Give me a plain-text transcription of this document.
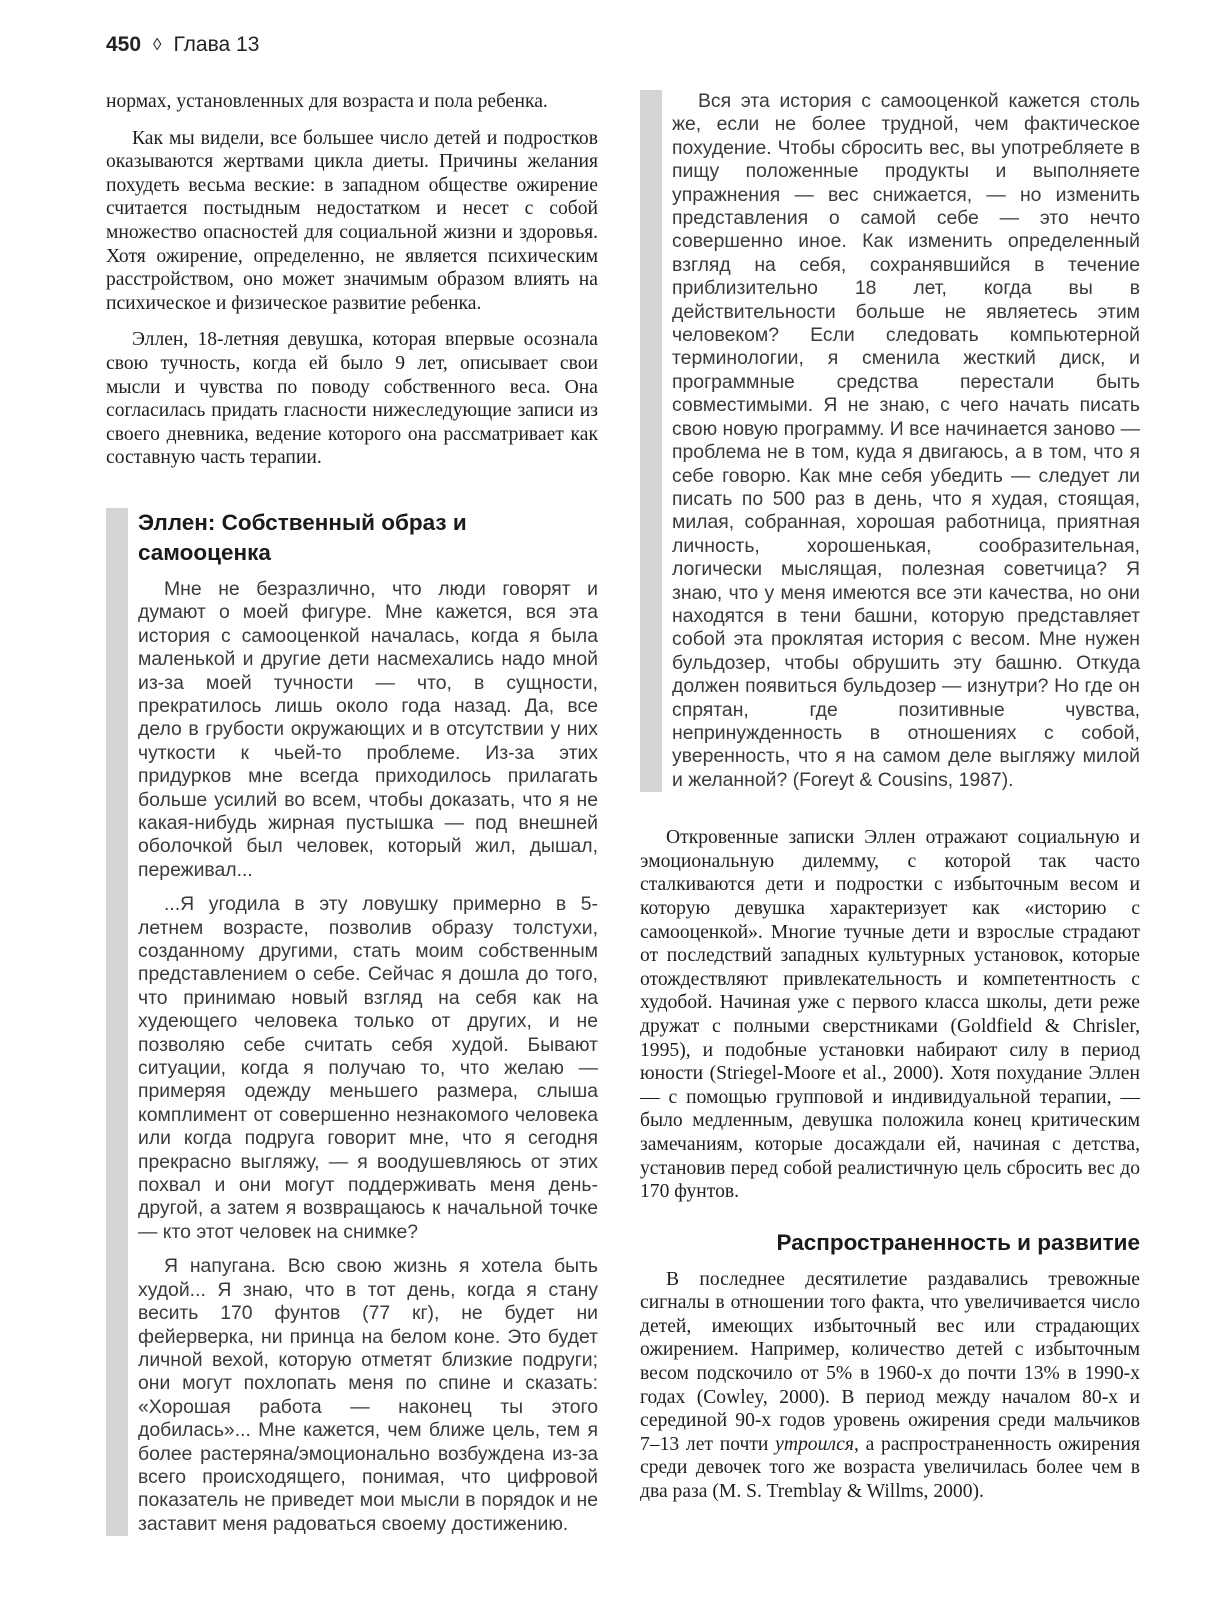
450 ◊ Глава 13

нормах, установленных для возраста и пола ребенка.

Как мы видели, все большее число детей и подростков оказываются жертвами цикла диеты. Причины желания похудеть весьма веские: в западном обществе ожирение считается постыдным недостатком и несет с собой множество опасностей для социальной жизни и здоровья. Хотя ожирение, определенно, не является психическим расстройством, оно может значимым образом влиять на психическое и физическое развитие ребенка.

Эллен, 18-летняя девушка, которая впервые осознала свою тучность, когда ей было 9 лет, описывает свои мысли и чувства по поводу собственного веса. Она согласилась придать гласности нижеследующие записи из своего дневника, ведение которого она рассматривает как составную часть терапии.

Эллен: Собственный образ и самооценка

Мне не безразлично, что люди говорят и думают о моей фигуре. Мне кажется, вся эта история с самооценкой началась, когда я была маленькой и другие дети насмехались надо мной из-за моей тучности — что, в сущности, прекратилось лишь около года назад. Да, все дело в грубости окружающих и в отсутствии у них чуткости к чьей-то проблеме. Из-за этих придурков мне всегда приходилось прилагать больше усилий во всем, чтобы доказать, что я не какая-нибудь жирная пустышка — под внешней оболочкой был человек, который жил, дышал, переживал...

...Я угодила в эту ловушку примерно в 5-летнем возрасте, позволив образу толстухи, созданному другими, стать моим собственным представлением о себе. Сейчас я дошла до того, что принимаю новый взгляд на себя как на худеющего человека только от других, и не позволяю себе считать себя худой. Бывают ситуации, когда я получаю то, что желаю — примеряя одежду меньшего размера, слыша комплимент от совершенно незнакомого человека или когда подруга говорит мне, что я сегодня прекрасно выгляжу, — я воодушевляюсь от этих похвал и они могут поддерживать меня день-другой, а затем я возвращаюсь к начальной точке — кто этот человек на снимке?

Я напугана. Всю свою жизнь я хотела быть худой... Я знаю, что в тот день, когда я стану весить 170 фунтов (77 кг), не будет ни фейерверка, ни принца на белом коне. Это будет личной вехой, которую отметят близкие подруги; они могут похлопать меня по спине и сказать: «Хорошая работа — наконец ты этого добилась»... Мне кажется, чем ближе цель, тем я более растеряна/эмоционально возбуждена из-за всего происходящего, понимая, что цифровой показатель не приведет мои мысли в порядок и не заставит меня радоваться своему достижению.

Вся эта история с самооценкой кажется столь же, если не более трудной, чем фактическое похудение. Чтобы сбросить вес, вы употребляете в пищу положенные продукты и выполняете упражнения — вес снижается, — но изменить представления о самой себе — это нечто совершенно иное. Как изменить определенный взгляд на себя, сохранявшийся в течение приблизительно 18 лет, когда вы в действительности больше не являетесь этим человеком? Если следовать компьютерной терминологии, я сменила жесткий диск, и программные средства перестали быть совместимыми. Я не знаю, с чего начать писать свою новую программу. И все начинается заново — проблема не в том, куда я двигаюсь, а в том, что я себе говорю. Как мне себя убедить — следует ли писать по 500 раз в день, что я худая, стоящая, милая, собранная, хорошая работница, приятная личность, хорошенькая, сообразительная, логически мыслящая, полезная советчица? Я знаю, что у меня имеются все эти качества, но они находятся в тени башни, которую представляет собой эта проклятая история с весом. Мне нужен бульдозер, чтобы обрушить эту башню. Откуда должен появиться бульдозер — изнутри? Но где он спрятан, где позитивные чувства, непринужденность в отношениях с собой, уверенность, что я на самом деле выгляжу милой и желанной? (Foreyt & Cousins, 1987).

Откровенные записки Эллен отражают социальную и эмоциональную дилемму, с которой так часто сталкиваются дети и подростки с избыточным весом и которую девушка характеризует как «историю с самооценкой». Многие тучные дети и взрослые страдают от последствий западных культурных установок, которые отождествляют привлекательность и компетентность с худобой. Начиная уже с первого класса школы, дети реже дружат с полными сверстниками (Goldfield & Chrisler, 1995), и подобные установки набирают силу в период юности (Striegel-Moore et al., 2000). Хотя похудание Эллен — с помощью групповой и индивидуальной терапии, — было медленным, девушка положила конец критическим замечаниям, которые досаждали ей, начиная с детства, установив перед собой реалистичную цель сбросить вес до 170 фунтов.

Распространенность и развитие

В последнее десятилетие раздавались тревожные сигналы в отношении того факта, что увеличивается число детей, имеющих избыточный вес или страдающих ожирением. Например, количество детей с избыточным весом подскочило от 5% в 1960-х до почти 13% в 1990-х годах (Cowley, 2000). В период между началом 80-х и серединой 90-х годов уровень ожирения среди мальчиков 7–13 лет почти утроился, а распространенность ожирения среди девочек того же возраста увеличилась более чем в два раза (M. S. Tremblay & Willms, 2000).
